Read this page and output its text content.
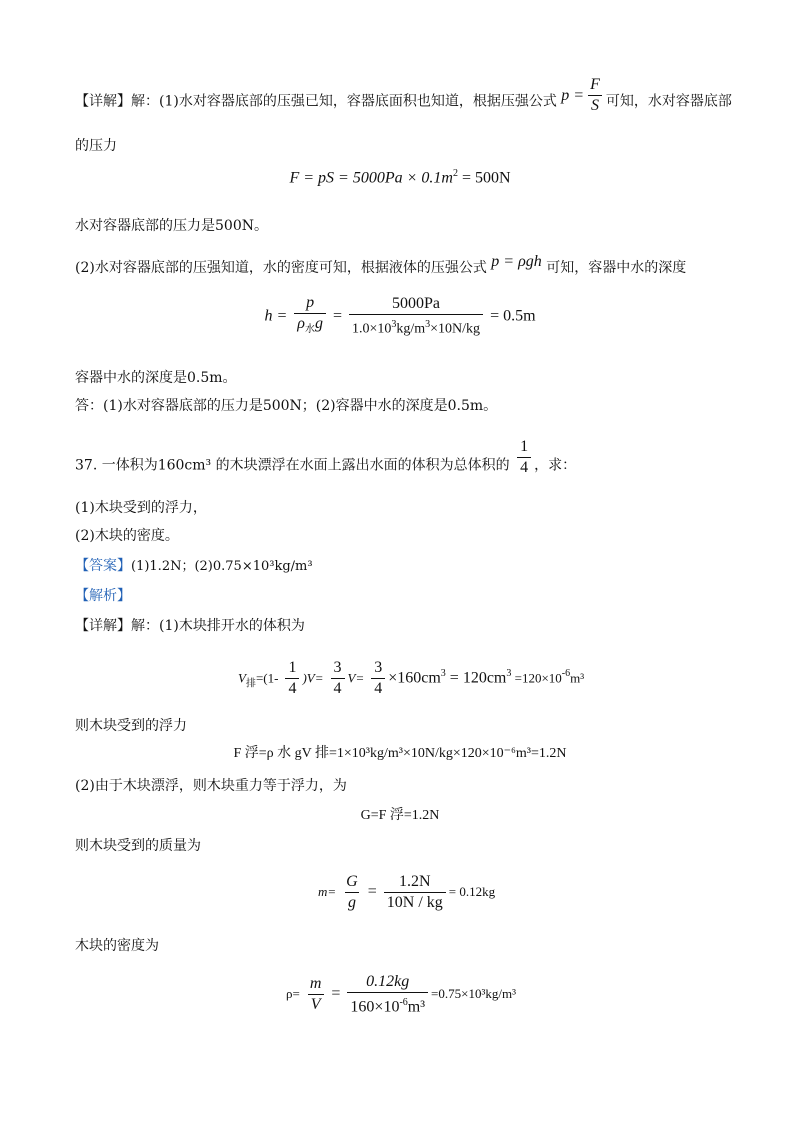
【详解】解：(1)水对容器底部的压强已知，容器底面积也知道，根据压强公式 $p = \frac{F}{S}$ 可知，水对容器底部
的压力
F = pS = $5000Pa \times 0.1m^2 = 500N$
水对容器底部的压力是500N。
(2)水对容器底部的压强知道，水的密度可知，根据液体的压强公式 p = ρgh 可知，容器中水的深度
$h = \frac{p}{\rho_水g} = \frac{5000Pa}{1.0\times 10^3kg/m^3\times 10N/kg} = 0.5m$
容器中水的深度是0.5m。
答：(1)水对容器底部的压力是500N；(2)容器中水的深度是0.5m。
37. 一体积为160cm³ 的木块漂浮在水面上露出水面的体积为总体积的 $\frac{1}{4}$ ，求：
(1)木块受到的浮力，
(2)木块的密度。
【答案】(1)1.2N；(2)0.75×10³kg/m³
【解析】
【详解】解：(1)木块排开水的体积为
$V_排=(1- \frac{1}{4} )V= \frac{3}{4} V= \frac{3}{4} \times 160cm^3 = 120cm^3 =120\times 10^{-6}m^3$
则木块受到的浮力
F 浮=ρ 水 gV 排=1×10³kg/m³×10N/kg×120×10⁻⁶m³=1.2N
(2)由于木块漂浮，则木块重力等于浮力，为
G=F 浮=1.2N
则木块受到的质量为
$m= \frac{G}{g} = \frac{1.2N}{10N / kg} = 0.12kg$
木块的密度为
$\rho= \frac{m}{V} = \frac{0.12kg}{160\times 10^{-6}m^3} =0.75\times 10^3kg/m^3$
